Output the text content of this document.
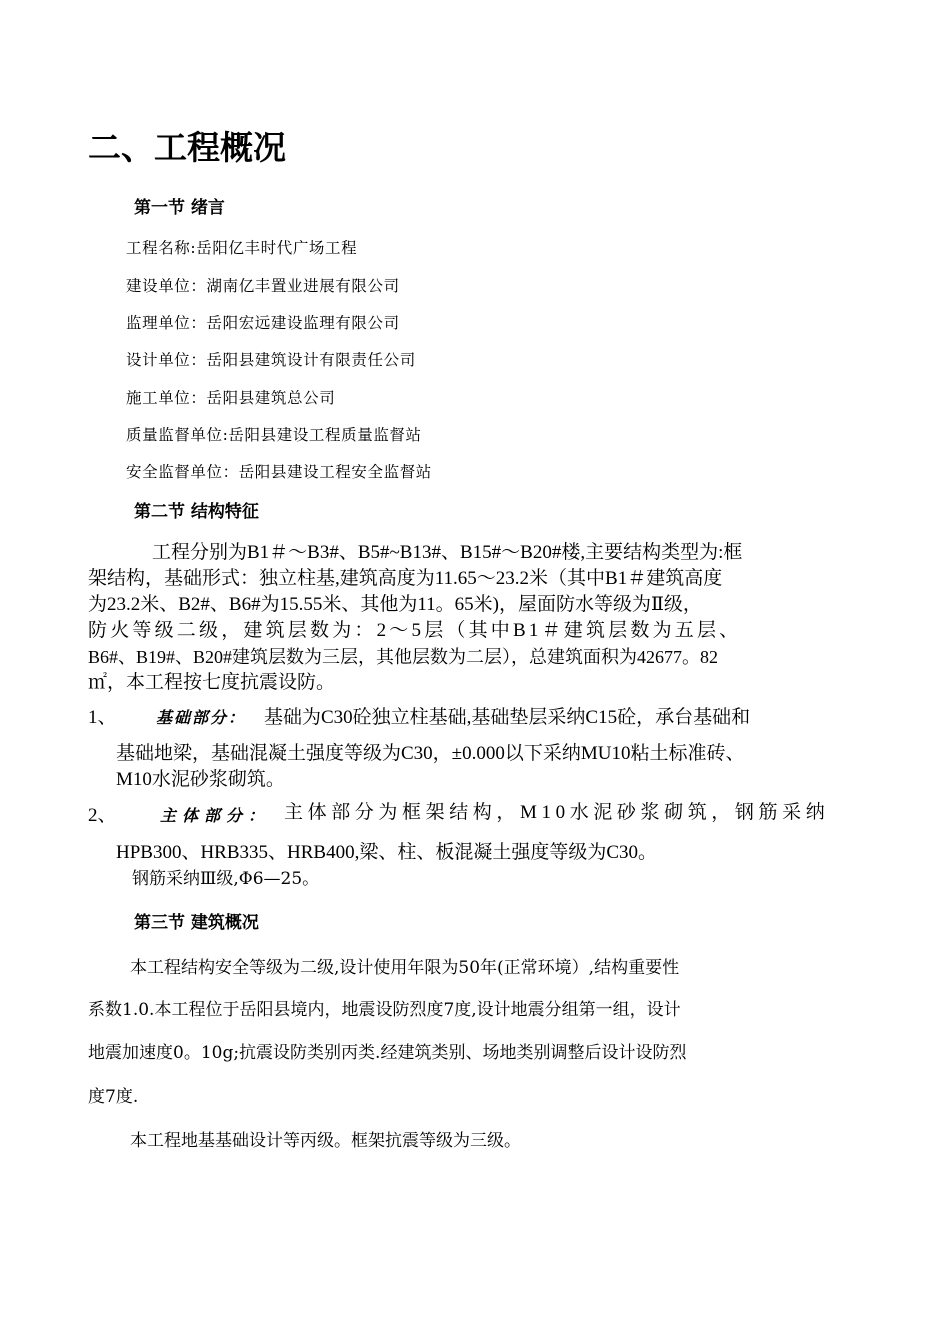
二、工程概况
第一节 绪言
工程名称:岳阳亿丰时代广场工程
建设单位：湖南亿丰置业进展有限公司
监理单位：岳阳宏远建设监理有限公司
设计单位：岳阳县建筑设计有限责任公司
施工单位：岳阳县建筑总公司
质量监督单位:岳阳县建设工程质量监督站
安全监督单位：岳阳县建设工程安全监督站
第二节 结构特征
工程分别为B1＃～B3#、B5#~B13#、B15#～B20#楼,主要结构类型为:框
架结构，基础形式：独立柱基,建筑高度为11.65～23.2米（其中B1＃建筑高度
为23.2米、B2#、B6#为15.55米、其他为11。65米)，屋面防水等级为Ⅱ级，
防火等级二级，建筑层数为：2～5层（其中B1＃建筑层数为五层、
B6#、B19#、B20#建筑层数为三层，其他层数为二层），总建筑面积为42677。82
㎡，本工程按七度抗震设防。
1、 基础部分： 基础为C30砼独立柱基础,基础垫层采纳C15砼，承台基础和
基础地梁，基础混凝土强度等级为C30，±0.000以下采纳MU10粘土标准砖、
M10水泥砂浆砌筑。
2、	主体部分： 主体部分为框架结构，M10水泥砂浆砌筑，钢筋采纳
HPB300、HRB335、HRB400,梁、柱、板混凝土强度等级为C30。
钢筋采纳Ⅲ级,Φ6—25。
第三节 建筑概况
本工程结构安全等级为二级,设计使用年限为50年(正常环境）,结构重要性
系数1.0.本工程位于岳阳县境内，地震设防烈度7度,设计地震分组第一组，设计
地震加速度0。10g;抗震设防类别丙类.经建筑类别、场地类别调整后设计设防烈
度7度.
本工程地基基础设计等丙级。框架抗震等级为三级。
